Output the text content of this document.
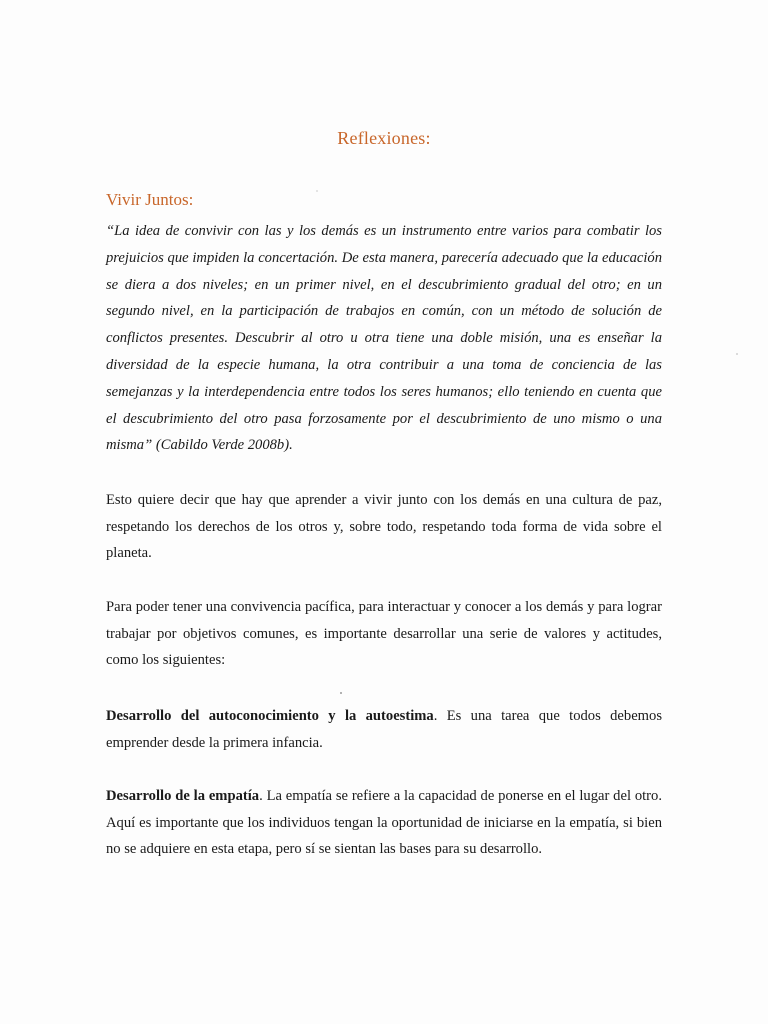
Reflexiones:
Vivir Juntos:
“La idea de convivir con las y los demás es un instrumento entre varios para combatir los prejuicios que impiden la concertación. De esta manera, parecería adecuado que la educación se diera a dos niveles; en un primer nivel, en el descubrimiento gradual del otro; en un segundo nivel, en la participación de trabajos en común, con un método de solución de conflictos presentes. Descubrir al otro u otra tiene una doble misión, una es enseñar la diversidad de la especie humana, la otra contribuir a una toma de conciencia de las semejanzas y la interdependencia entre todos los seres humanos; ello teniendo en cuenta que el descubrimiento del otro pasa forzosamente por el descubrimiento de uno mismo o una misma” (Cabildo Verde 2008b).
Esto quiere decir que hay que aprender a vivir junto con los demás en una cultura de paz, respetando los derechos de los otros y, sobre todo, respetando toda forma de vida sobre el planeta.
Para poder tener una convivencia pacífica, para interactuar y conocer a los demás y para lograr trabajar por objetivos comunes, es importante desarrollar una serie de valores y actitudes, como los siguientes:
Desarrollo del autoconocimiento y la autoestima. Es una tarea que todos debemos emprender desde la primera infancia.
Desarrollo de la empatía. La empatía se refiere a la capacidad de ponerse en el lugar del otro. Aquí es importante que los individuos tengan la oportunidad de iniciarse en la empatía, si bien no se adquiere en esta etapa, pero sí se sientan las bases para su desarrollo.
